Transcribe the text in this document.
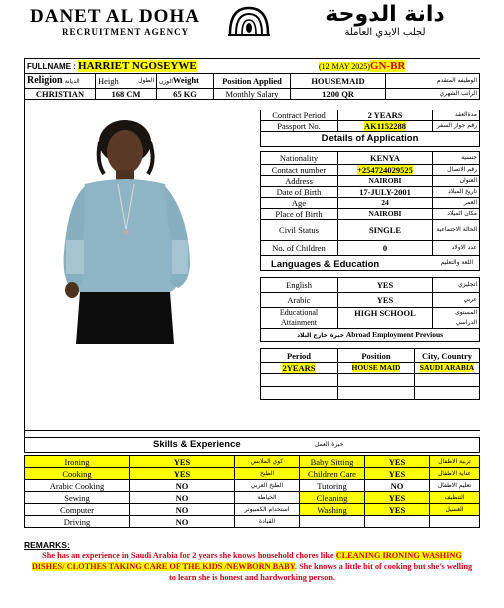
DANET AL DOHA
RECRUITMENT AGENCY
دانة الدوحة
لجلب الايدي العاملة
FULLNAME : HARRIET NGOSEYWE	(12 MAY 2025)GN-BR
Religion الديانة	Heigh الطول	الوزنWeight	Position Applied	HOUSEMAID	الوظيفه المتقدم
CHRISTIAN	168 CM	65 KG	Monthly Salary	1200 QR	الراتب الشهري
Contract Period	2 YEARS	مدةالعقد
Passport No.	AK1152288	رقم جواز السفر
Details of Application
Nationality	KENYA	جنسية
Contact number	+254724029525	رقم الاتصال
Address	NAIROBI	العنوان
Date of Birth	17-JULY-2001	تاريخ الميلاد
Age	24	العمر
Place of Birth	NAIROBI	مكان الميلاد
Civil Status	SINGLE	الحالة الاجتماعية
No. of Children	0	عدد الاولاد
Languages & Education	اللغة والتعليم
English	YES	انجليزي
Arabic	YES	عربي
Educational Attainment	HIGH SCHOOL	المستوى الدراسي
خبرة خارج البلاد Abroad Employment Previous
Period	Position	City, Country
2YEARS	HOUSE MAID	SAUDI ARABIA

Skills & Experience	خبرة العمل
Ironing	YES	كوي الملابس	Baby Sitting	YES	تربية الاطفال
Cooking	YES	الطبخ	Children Care	YES	عناية الاطفال
Arabic Cooking	NO	الطبخ العربي	Tutoring	NO	تعليم الاطفال
Sewing	NO	الخياطة	Cleaning	YES	التنظيف
Computer	NO	استخدام الكمبيوتر	Washing	YES	الغسيل
Driving	NO	القيادة			
REMARKS:
She has an experience in Saudi Arabia for 2 years she knows household chores like CLEANING IRONING WASHING DISHES/ CLOTHES TAKING CARE OF THE KIDS /NEWBORN BABY. She knows a little bit of cooking but she's welling to learn she is honest and hardworking person.
